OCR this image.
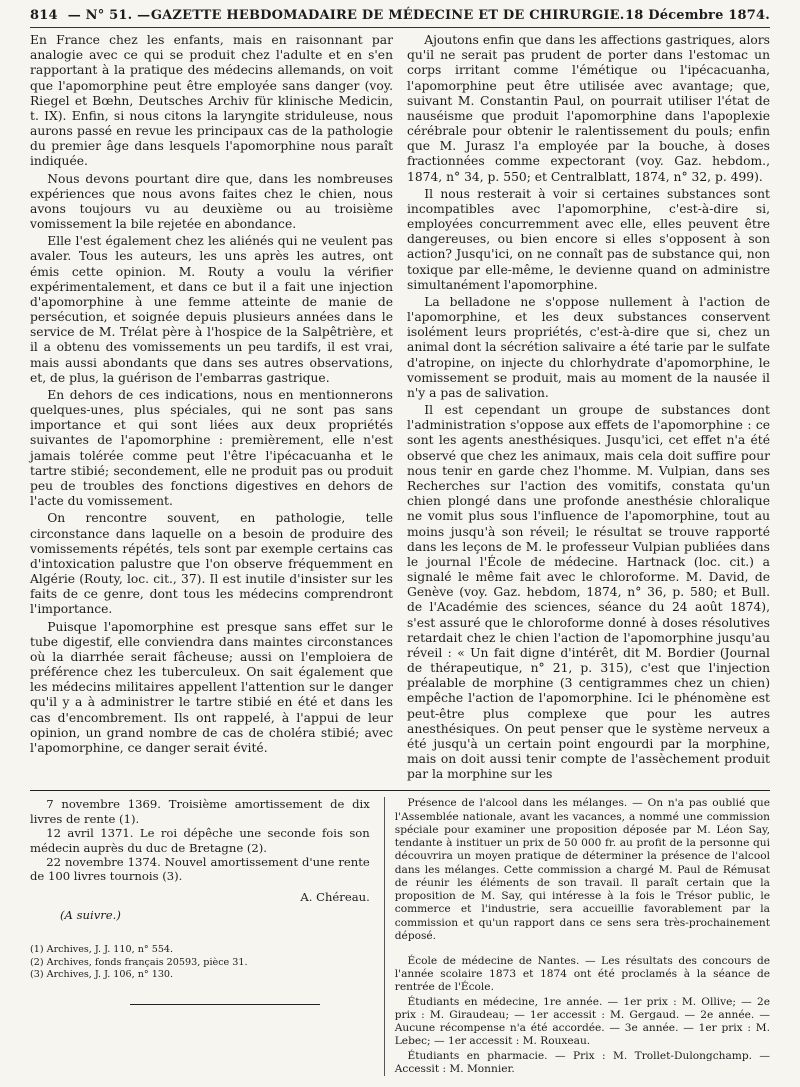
814 — N° 51. — GAZETTE HEBDOMADAIRE DE MÉDECINE ET DE CHIRURGIE. 18 Décembre 1874.

En France chez les enfants, mais en raisonnant par analogie avec ce qui se produit chez l'adulte et en s'en rapportant à la pratique des médecins allemands, on voit que l'apomorphine peut être employée sans danger (voy. Riegel et Bœhn, Deutsches Archiv für klinische Medicin, t. IX). Enfin, si nous citons la laryngite striduleuse, nous aurons passé en revue les principaux cas de la pathologie du premier âge dans lesquels l'apomorphine nous paraît indiquée.

Nous devons pourtant dire que, dans les nombreuses expériences que nous avons faites chez le chien, nous avons toujours vu au deuxième ou au troisième vomissement la bile rejetée en abondance.

Elle l'est également chez les aliénés qui ne veulent pas avaler. Tous les auteurs, les uns après les autres, ont émis cette opinion. M. Routy a voulu la vérifier expérimentalement, et dans ce but il a fait une injection d'apomorphine à une femme atteinte de manie de persécution, et soignée depuis plusieurs années dans le service de M. Trélat père à l'hospice de la Salpêtrière, et il a obtenu des vomissements un peu tardifs, il est vrai, mais aussi abondants que dans ses autres observations, et, de plus, la guérison de l'embarras gastrique.

En dehors de ces indications, nous en mentionnerons quelques-unes, plus spéciales, qui ne sont pas sans importance et qui sont liées aux deux propriétés suivantes de l'apomorphine : premièrement, elle n'est jamais tolérée comme peut l'être l'ipécacuanha et le tartre stibié; secondement, elle ne produit pas ou produit peu de troubles des fonctions digestives en dehors de l'acte du vomissement.

On rencontre souvent, en pathologie, telle circonstance dans laquelle on a besoin de produire des vomissements répétés, tels sont par exemple certains cas d'intoxication palustre que l'on observe fréquemment en Algérie (Routy, loc. cit., 37). Il est inutile d'insister sur les faits de ce genre, dont tous les médecins comprendront l'importance.

Puisque l'apomorphine est presque sans effet sur le tube digestif, elle conviendra dans maintes circonstances où la diarrhée serait fâcheuse; aussi on l'emploiera de préférence chez les tuberculeux. On sait également que les médecins militaires appellent l'attention sur le danger qu'il y a à administrer le tartre stibié en été et dans les cas d'encombrement. Ils ont rappelé, à l'appui de leur opinion, un grand nombre de cas de choléra stibié; avec l'apomorphine, ce danger serait évité.

Ajoutons enfin que dans les affections gastriques, alors qu'il ne serait pas prudent de porter dans l'estomac un corps irritant comme l'émétique ou l'ipécacuanha, l'apomorphine peut être utilisée avec avantage; que, suivant M. Constantin Paul, on pourrait utiliser l'état de nauséisme que produit l'apomorphine dans l'apoplexie cérébrale pour obtenir le ralentissement du pouls; enfin que M. Jurasz l'a employée par la bouche, à doses fractionnées comme expectorant (voy. Gaz. hebdom., 1874, n° 34, p. 550; et Centralblatt, 1874, n° 32, p. 499).

Il nous resterait à voir si certaines substances sont incompatibles avec l'apomorphine, c'est-à-dire si, employées concurremment avec elle, elles peuvent être dangereuses, ou bien encore si elles s'opposent à son action? Jusqu'ici, on ne connaît pas de substance qui, non toxique par elle-même, le devienne quand on administre simultanément l'apomorphine.

La belladone ne s'oppose nullement à l'action de l'apomorphine, et les deux substances conservent isolément leurs propriétés, c'est-à-dire que si, chez un animal dont la sécrétion salivaire a été tarie par le sulfate d'atropine, on injecte du chlorhydrate d'apomorphine, le vomissement se produit, mais au moment de la nausée il n'y a pas de salivation.

Il est cependant un groupe de substances dont l'administration s'oppose aux effets de l'apomorphine : ce sont les agents anesthésiques. Jusqu'ici, cet effet n'a été observé que chez les animaux, mais cela doit suffire pour nous tenir en garde chez l'homme. M. Vulpian, dans ses Recherches sur l'action des vomitifs, constata qu'un chien plongé dans une profonde anesthésie chloralique ne vomit plus sous l'influence de l'apomorphine, tout au moins jusqu'à son réveil; le résultat se trouve rapporté dans les leçons de M. le professeur Vulpian publiées dans le journal l'École de médecine. Hartnack (loc. cit.) a signalé le même fait avec le chloroforme. M. David, de Genève (voy. Gaz. hebdom, 1874, n° 36, p. 580; et Bull. de l'Académie des sciences, séance du 24 août 1874), s'est assuré que le chloroforme donné à doses résolutives retardait chez le chien l'action de l'apomorphine jusqu'au réveil : « Un fait digne d'intérêt, dit M. Bordier (Journal de thérapeutique, n° 21, p. 315), c'est que l'injection préalable de morphine (3 centigrammes chez un chien) empêche l'action de l'apomorphine. Ici le phénomène est peut-être plus complexe que pour les autres anesthésiques. On peut penser que le système nerveux a été jusqu'à un certain point engourdi par la morphine, mais on doit aussi tenir compte de l'assèchement produit par la morphine sur les

7 novembre 1369. Troisième amortissement de dix livres de rente (1).

12 avril 1371. Le roi dépêche une seconde fois son médecin auprès du duc de Bretagne (2).

22 novembre 1374. Nouvel amortissement d'une rente de 100 livres tournois (3).

A. Chéreau.
(A suivre.)
(1) Archives, J. J. 110, n° 554.
(2) Archives, fonds français 20593, pièce 31.
(3) Archives, J. J. 106, n° 130.

Présence de l'alcool dans les mélanges. — On n'a pas oublié que l'Assemblée nationale, avant les vacances, a nommé une commission spéciale pour examiner une proposition déposée par M. Léon Say, tendante à instituer un prix de 50 000 fr. au profit de la personne qui découvrira un moyen pratique de déterminer la présence de l'alcool dans les mélanges. Cette commission a chargé M. Paul de Rémusat de réunir les éléments de son travail. Il paraît certain que la proposition de M. Say, qui intéresse à la fois le Trésor public, le commerce et l'industrie, sera accueillie favorablement par la commission et qu'un rapport dans ce sens sera très-prochainement déposé.

École de médecine de Nantes. — Les résultats des concours de l'année scolaire 1873 et 1874 ont été proclamés à la séance de rentrée de l'École.

Étudiants en médecine, 1re année. — 1er prix : M. Ollive; — 2e prix : M. Giraudeau; — 1er accessit : M. Gergaud. — 2e année. — Aucune récompense n'a été accordée. — 3e année. — 1er prix : M. Lebec; — 1er accessit : M. Rouxeau.

Étudiants en pharmacie. — Prix : M. Trollet-Dulongchamp. — Accessit : M. Monnier.
